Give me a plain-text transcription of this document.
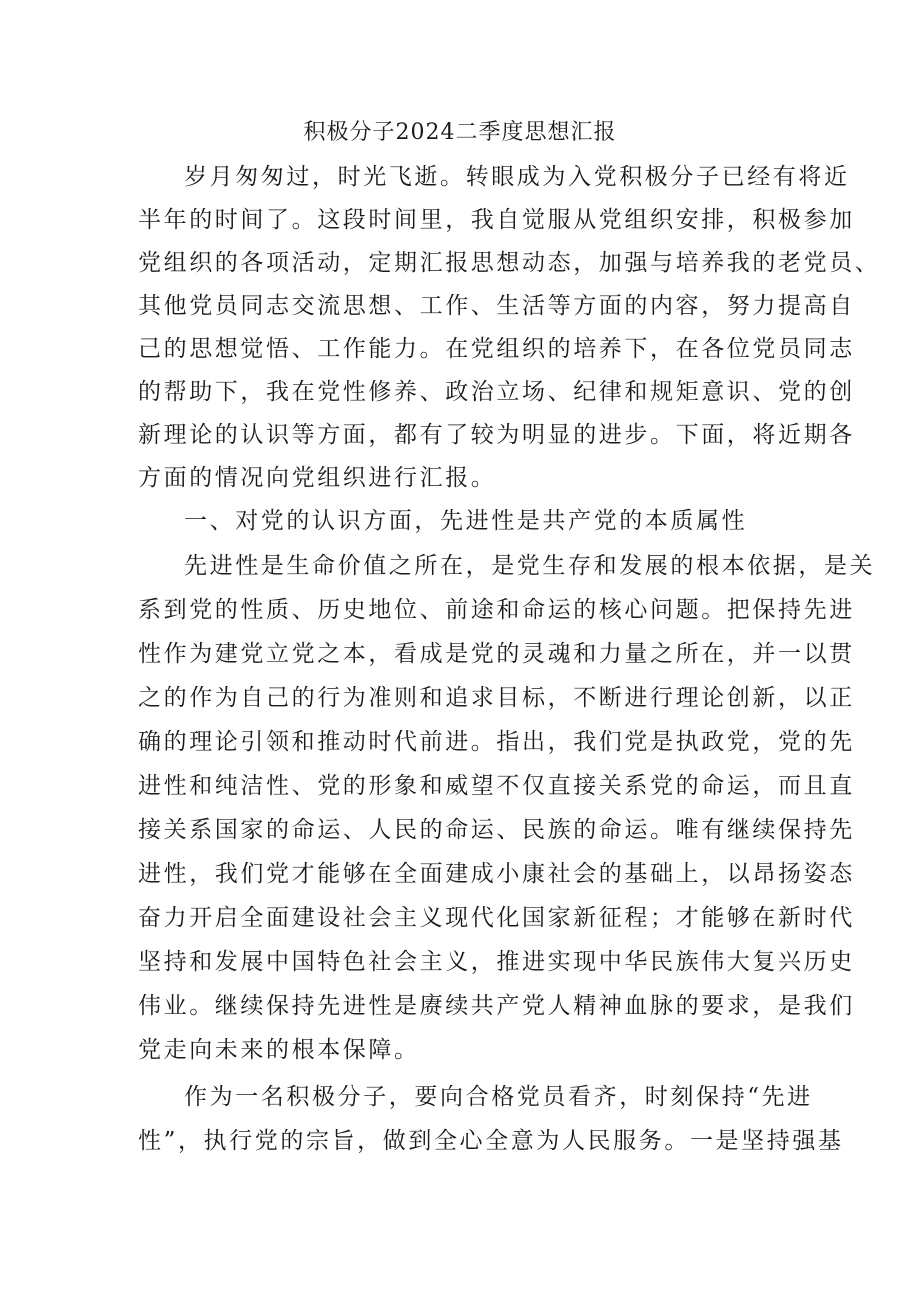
积极分子2024二季度思想汇报
岁月匆匆过，时光飞逝。转眼成为入党积极分子已经有将近
半年的时间了。这段时间里，我自觉服从党组织安排，积极参加
党组织的各项活动，定期汇报思想动态，加强与培养我的老党员、
其他党员同志交流思想、工作、生活等方面的内容，努力提高自
己的思想觉悟、工作能力。在党组织的培养下，在各位党员同志
的帮助下，我在党性修养、政治立场、纪律和规矩意识、党的创
新理论的认识等方面，都有了较为明显的进步。下面，将近期各
方面的情况向党组织进行汇报。
一、对党的认识方面，先进性是共产党的本质属性
先进性是生命价值之所在，是党生存和发展的根本依据，是关
系到党的性质、历史地位、前途和命运的核心问题。把保持先进
性作为建党立党之本，看成是党的灵魂和力量之所在，并一以贯
之的作为自己的行为准则和追求目标，不断进行理论创新，以正
确的理论引领和推动时代前进。指出，我们党是执政党，党的先
进性和纯洁性、党的形象和威望不仅直接关系党的命运，而且直
接关系国家的命运、人民的命运、民族的命运。唯有继续保持先
进性，我们党才能够在全面建成小康社会的基础上，以昂扬姿态
奋力开启全面建设社会主义现代化国家新征程；才能够在新时代
坚持和发展中国特色社会主义，推进实现中华民族伟大复兴历史
伟业。继续保持先进性是赓续共产党人精神血脉的要求，是我们
党走向未来的根本保障。
作为一名积极分子，要向合格党员看齐，时刻保持“先进
性”，执行党的宗旨，做到全心全意为人民服务。一是坚持强基
